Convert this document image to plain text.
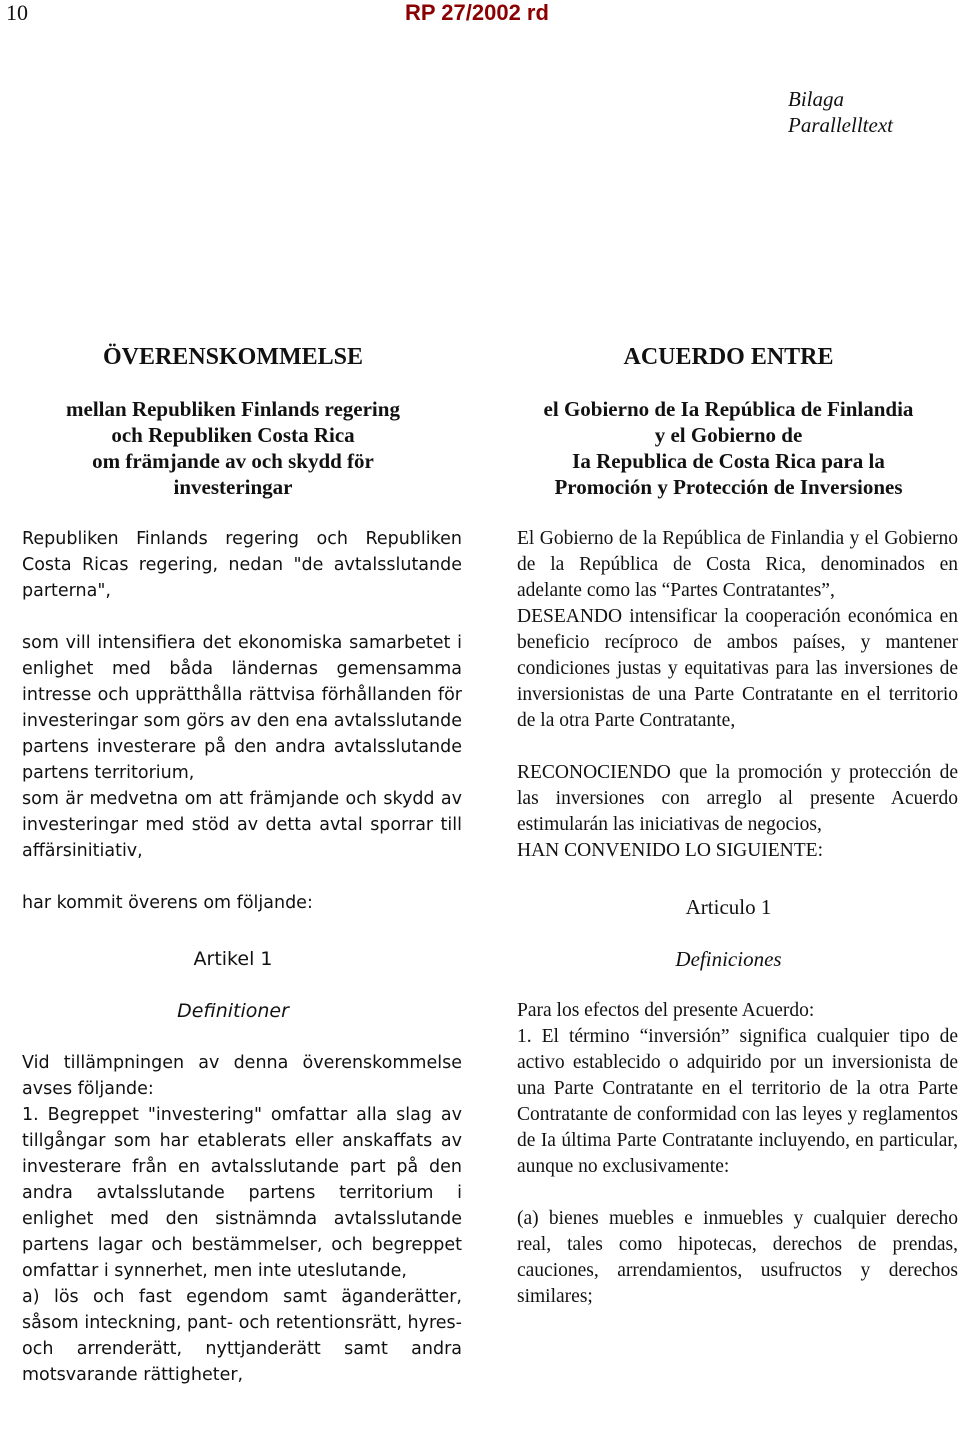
10	RP 27/2002 rd
Bilaga
Parallelltext
ÖVERENSKOMMELSE
mellan Republiken Finlands regering
och Republiken Costa Rica
om främjande av och skydd för
investeringar

Republiken Finlands regering och Republiken Costa Ricas regering, nedan "de avtalsslutande parterna",

som vill intensifiera det ekonomiska samarbetet i enlighet med båda ländernas gemensamma intresse och upprätthålla rättvisa förhållanden för investeringar som görs av den ena avtalsslutande partens investerare på den andra avtalsslutande partens territorium,

som är medvetna om att främjande och skydd av investeringar med stöd av detta avtal sporrar till affärsinitiativ,

har kommit överens om följande:

Artikel 1
Definitioner

Vid tillämpningen av denna överenskommelse avses följande:

1. Begreppet "investering" omfattar alla slag av tillgångar som har etablerats eller anskaffats av investerare från en avtalsslutande part på den andra avtalsslutande partens territorium i enlighet med den sistnämnda avtalsslutande partens lagar och bestämmelser, och begreppet omfattar i synnerhet, men inte uteslutande,

a) lös och fast egendom samt äganderätter, såsom inteckning, pant- och retentionsrätt, hyres- och arrenderätt, nyttjanderätt samt andra motsvarande rättigheter,

ACUERDO ENTRE
el Gobierno de Ia República de Finlandia
y el Gobierno de
Ia Republica de Costa Rica para la
Promoción y Protección de Inversiones

El Gobierno de la República de Finlandia y el Gobierno de la República de Costa Rica, denominados en adelante como las “Partes Contratantes”,

DESEANDO intensificar la cooperación económica en beneficio recíproco de ambos países, y mantener condiciones justas y equitativas para las inversiones de inversionistas de una Parte Contratante en el territorio de la otra Parte Contratante,

RECONOCIENDO que la promoción y protección de las inversiones con arreglo al presente Acuerdo estimularán las iniciativas de negocios,

HAN CONVENIDO LO SIGUIENTE:

Articulo 1
Definiciones

Para los efectos del presente Acuerdo:

1. El término “inversión” significa cualquier tipo de activo establecido o adquirido por un inversionista de una Parte Contratante en el territorio de la otra Parte Contratante de conformidad con las leyes y reglamentos de Ia última Parte Contratante incluyendo, en particular, aunque no exclusivamente:

(a) bienes muebles e inmuebles y cualquier derecho real, tales como hipotecas, derechos de prendas, cauciones, arrendamientos, usufructos y derechos similares;
